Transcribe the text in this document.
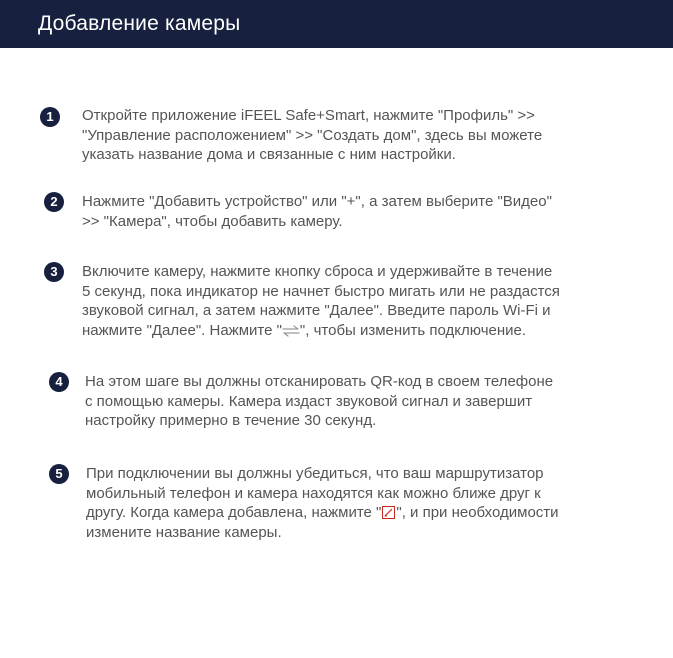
Добавление камеры
1	Откройте приложение iFEEL Safe+Smart, нажмите "Профиль" >>
"Управление расположением" >> "Создать дом", здесь вы можете
указать название дома и связанные с ним настройки.
2	Нажмите "Добавить устройство" или "+", а затем выберите "Видео"
>> "Камера", чтобы добавить камеру.
3	Включите камеру, нажмите кнопку сброса и удерживайте в течение
5 секунд, пока индикатор не начнет быстро мигать или не раздастся
звуковой сигнал, а затем нажмите "Далее". Введите пароль Wi-Fi и
нажмите "Далее". Нажмите " ", чтобы изменить подключение.
4	На этом шаге вы должны отсканировать QR-код в своем телефоне
с помощью камеры. Камера издаст звуковой сигнал и завершит
настройку примерно в течение 30 секунд.
5	При подключении вы должны убедиться, что ваш маршрутизатор
мобильный телефон и камера находятся как можно ближе друг к
другу. Когда камера добавлена, нажмите " ", и при необходимости
измените название камеры.
